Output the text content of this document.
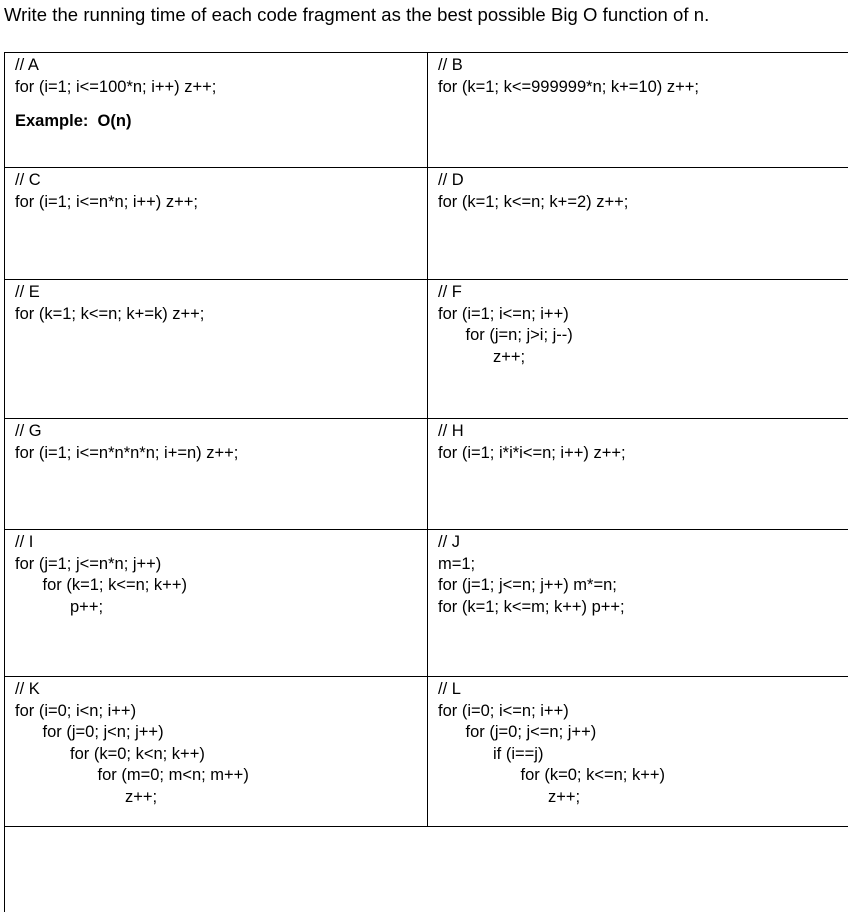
Write the running time of each code fragment as the best possible Big O function of n.
// A
for (i=1; i<=100*n; i++) z++;
Example:  O(n)
// B
for (k=1; k<=999999*n; k+=10) z++;
// C
for (i=1; i<=n*n; i++) z++;
// D
for (k=1; k<=n; k+=2) z++;
// E
for (k=1; k<=n; k+=k) z++;
// F
for (i=1; i<=n; i++)
for (j=n; j>i; j--)
z++;
// G
for (i=1; i<=n*n*n*n; i+=n) z++;
// H
for (i=1; i*i*i<=n; i++) z++;
// I
for (j=1; j<=n*n; j++)
for (k=1; k<=n; k++)
p++;
// J
m=1;
for (j=1; j<=n; j++) m*=n;
for (k=1; k<=m; k++) p++;
// K
for (i=0; i<n; i++)
for (j=0; j<n; j++)
for (k=0; k<n; k++)
for (m=0; m<n; m++)
z++;
// L
for (i=0; i<=n; i++)
for (j=0; j<=n; j++)
if (i==j)
for (k=0; k<=n; k++)
z++;
